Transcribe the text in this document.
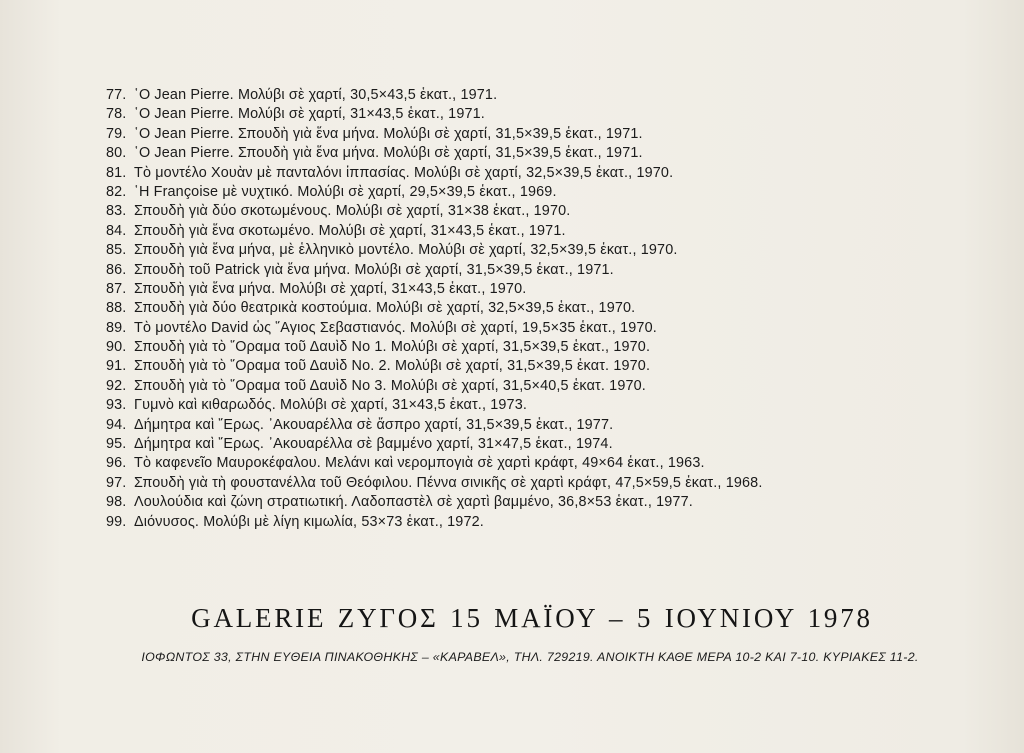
77. ῾Ο Jean Pierre. Μολύβι σὲ χαρτί, 30,5×43,5 ἑκατ., 1971.
78. ῾Ο Jean Pierre. Μολύβι σὲ χαρτί, 31×43,5 ἑκατ., 1971.
79. ῾Ο Jean Pierre. Σπουδὴ γιὰ ἕνα μήνα. Μολύβι σὲ χαρτί, 31,5×39,5 ἑκατ., 1971.
80. ῾Ο Jean Pierre. Σπουδὴ γιὰ ἕνα μήνα. Μολύβι σὲ χαρτί, 31,5×39,5 ἑκατ., 1971.
81. Τὸ μοντέλο Χουὰν μὲ πανταλόνι ἱππασίας. Μολύβι σὲ χαρτί, 32,5×39,5 ἑκατ., 1970.
82. ῾Η Françoise μὲ νυχτικό. Μολύβι σὲ χαρτί, 29,5×39,5 ἑκατ., 1969.
83. Σπουδὴ γιὰ δύο σκοτωμένους. Μολύβι σὲ χαρτί, 31×38 ἑκατ., 1970.
84. Σπουδὴ γιὰ ἕνα σκοτωμένο. Μολύβι σὲ χαρτί, 31×43,5 ἑκατ., 1971.
85. Σπουδὴ γιὰ ἕνα μήνα, μὲ ἑλληνικὸ μοντέλο. Μολύβι σὲ χαρτί, 32,5×39,5 ἑκατ., 1970.
86. Σπουδὴ τοῦ Patrick γιὰ ἕνα μήνα. Μολύβι σὲ χαρτί, 31,5×39,5 ἑκατ., 1971.
87. Σπουδὴ γιὰ ἕνα μήνα. Μολύβι σὲ χαρτί, 31×43,5 ἑκατ., 1970.
88. Σπουδὴ γιὰ δύο θεατρικὰ κοστούμια. Μολύβι σὲ χαρτί, 32,5×39,5 ἑκατ., 1970.
89. Τὸ μοντέλο David ὡς ῞Αγιος Σεβαστιανός. Μολύβι σὲ χαρτί, 19,5×35 ἑκατ., 1970.
90. Σπουδὴ γιὰ τὸ ῞Οραμα τοῦ Δαυὶδ Νο 1. Μολύβι σὲ χαρτί, 31,5×39,5 ἑκατ., 1970.
91. Σπουδὴ γιὰ τὸ ῞Οραμα τοῦ Δαυὶδ Νο. 2. Μολύβι σὲ χαρτί, 31,5×39,5 ἑκατ. 1970.
92. Σπουδὴ γιὰ τὸ ῞Οραμα τοῦ Δαυὶδ Νο 3. Μολύβι σὲ χαρτί, 31,5×40,5 ἑκατ. 1970.
93. Γυμνὸ καὶ κιθαρωδός. Μολύβι σὲ χαρτί, 31×43,5 ἑκατ., 1973.
94. Δήμητρα καὶ ῎Ερως. ᾽Ακουαρέλλα σὲ ἄσπρο χαρτί, 31,5×39,5 ἑκατ., 1977.
95. Δήμητρα καὶ ῎Ερως. ᾽Ακουαρέλλα σὲ βαμμένο χαρτί, 31×47,5 ἑκατ., 1974.
96. Τὸ καφενεῖο Μαυροκέφαλου. Μελάνι καὶ νερομπογιὰ σὲ χαρτὶ κράφτ, 49×64 ἑκατ., 1963.
97. Σπουδὴ γιὰ τὴ φουστανέλλα τοῦ Θεόφιλου. Πέννα σινικῆς σὲ χαρτὶ κράφτ, 47,5×59,5 ἑκατ., 1968.
98. Λουλούδια καὶ ζώνη στρατιωτική. Λαδοπαστὲλ σὲ χαρτὶ βαμμένο, 36,8×53 ἑκατ., 1977.
99. Διόνυσος. Μολύβι μὲ λίγη κιμωλία, 53×73 ἑκατ., 1972.
GALERIE ΖΥΓΟΣ 15 ΜΑΪΟΥ – 5 ΙΟΥΝΙΟΥ 1978
ΙΟΦΩΝΤΟΣ 33, ΣΤΗΝ ΕΥΘΕΙΑ ΠΙΝΑΚΟΘΗΚΗΣ – «ΚΑΡΑΒΕΛ», ΤΗΛ. 729219. ΑΝΟΙΚΤΗ ΚΑΘΕ ΜΕΡΑ 10-2 ΚΑΙ 7-10. ΚΥΡΙΑΚΕΣ 11-2.
